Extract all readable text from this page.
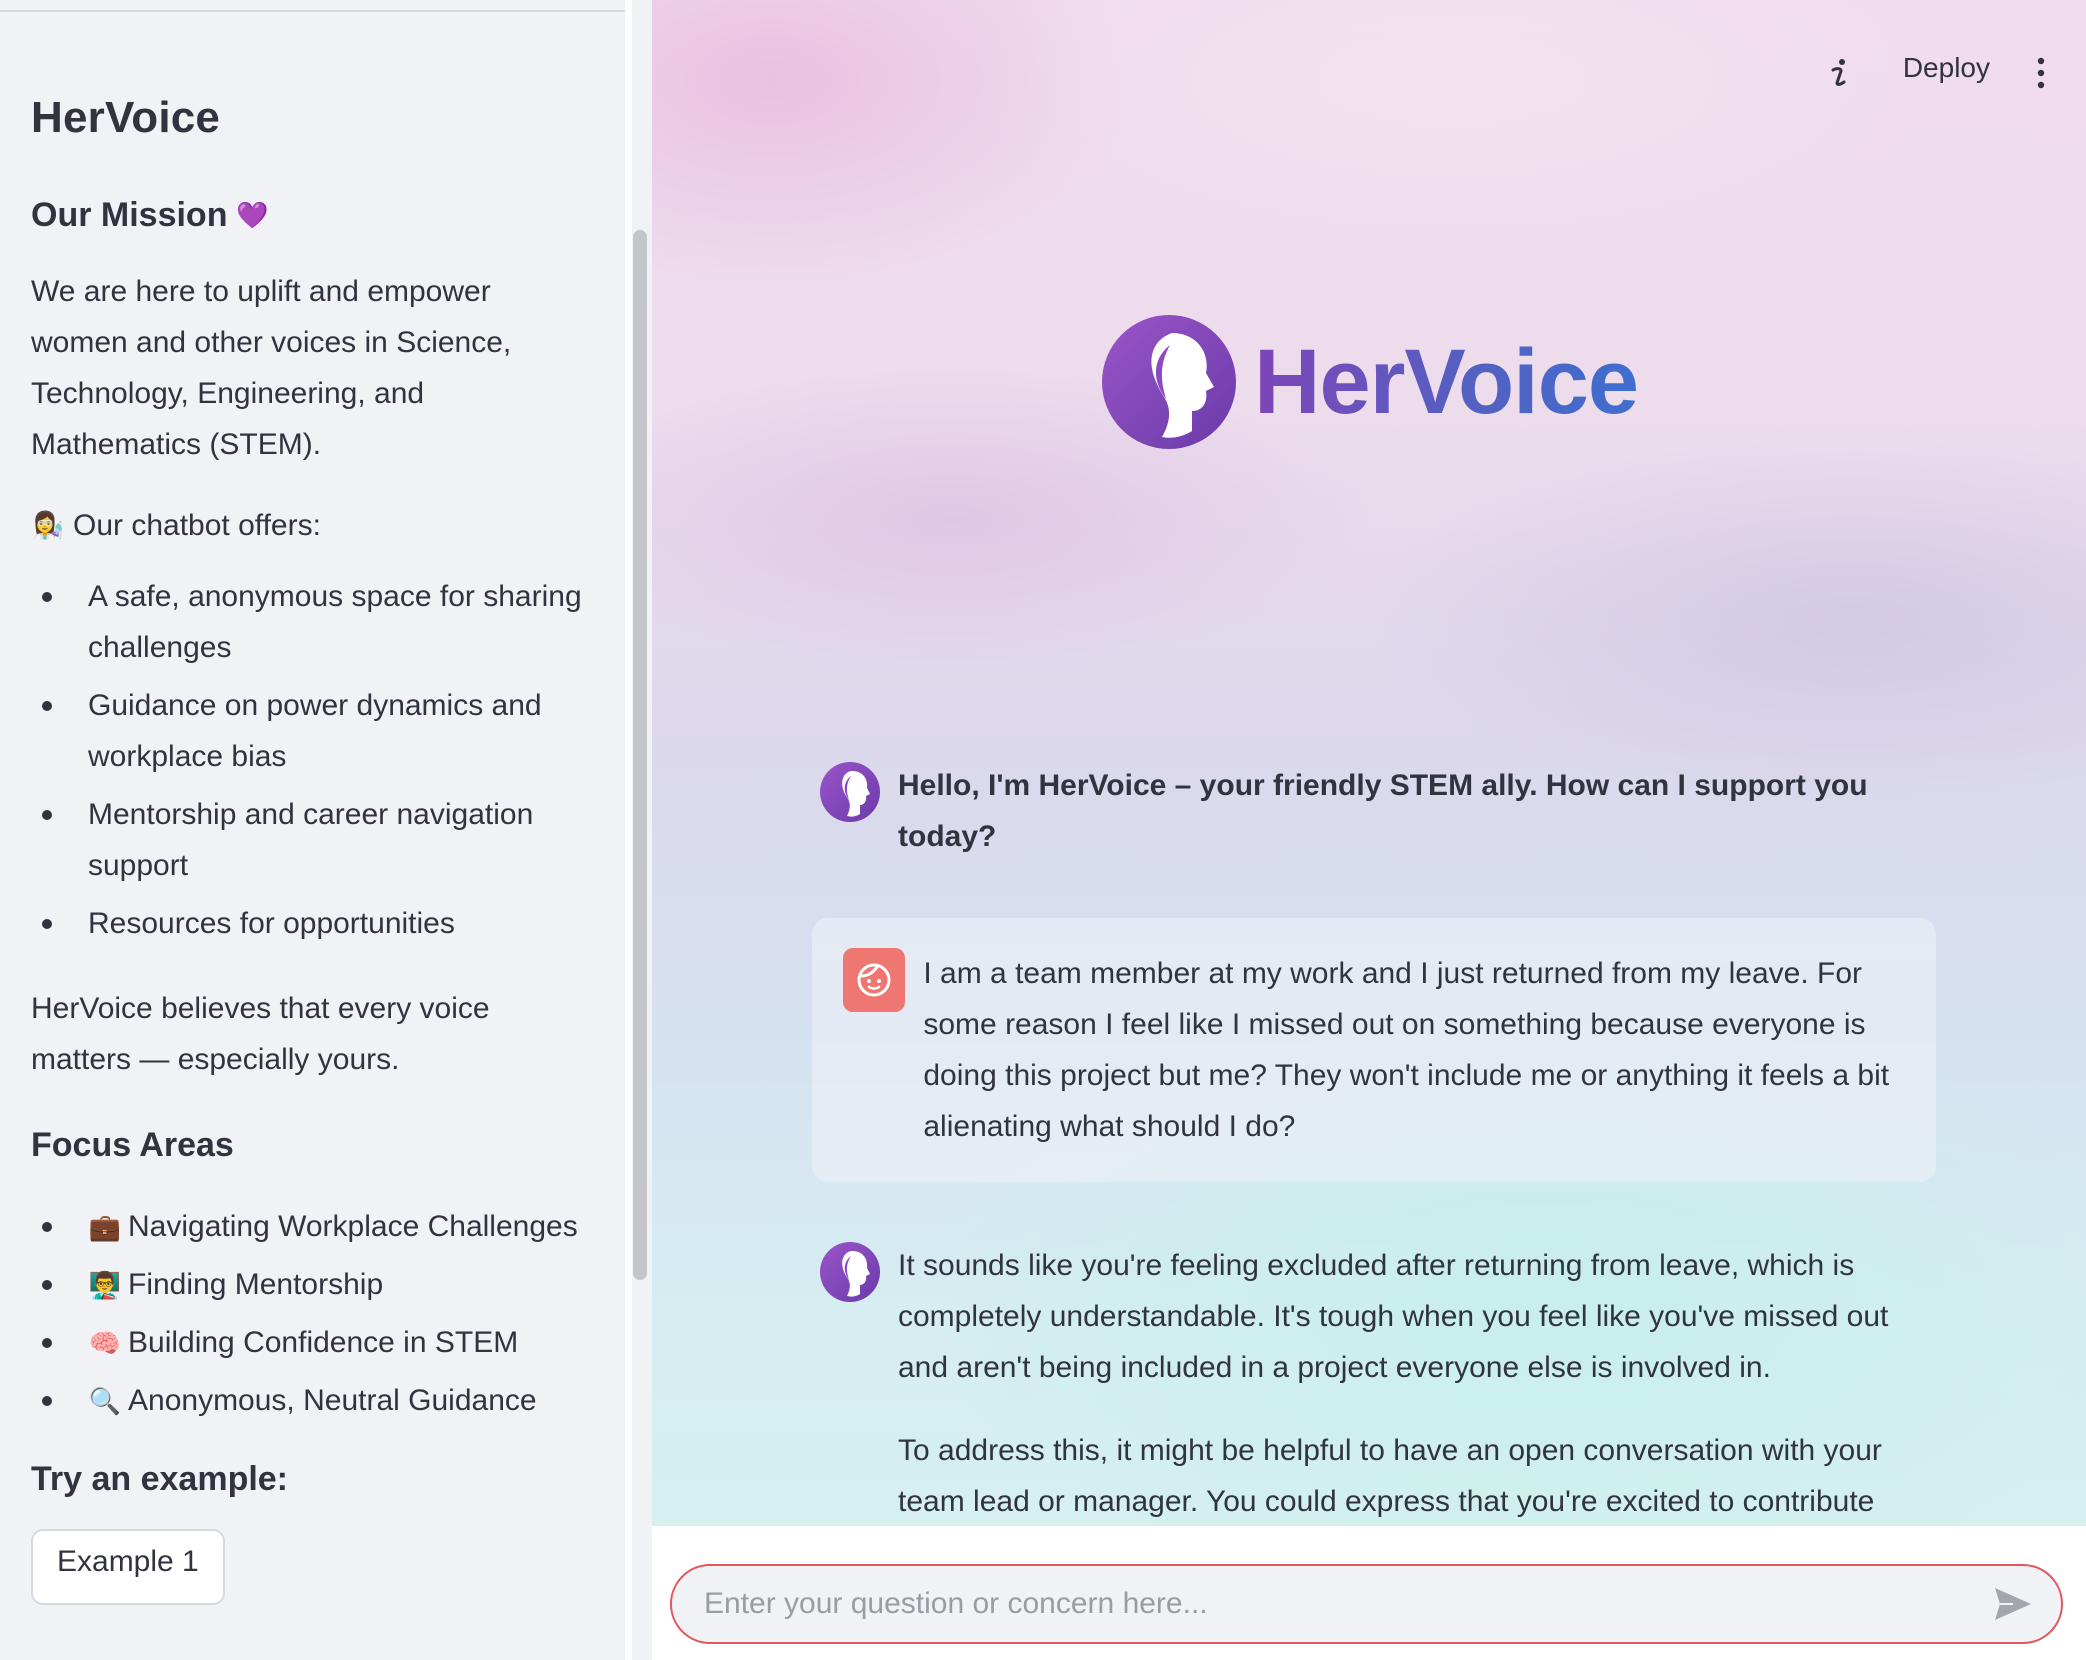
HerVoice
Our Mission 💜

We are here to uplift and empower women and other voices in Science, Technology, Engineering, and Mathematics (STEM).

👩‍🔬 Our chatbot offers:

A safe, anonymous space for sharing challenges
Guidance on power dynamics and workplace bias
Mentorship and career navigation support
Resources for opportunities

HerVoice believes that every voice matters — especially yours.

Focus Areas
💼 Navigating Workplace Challenges
👨‍🏫 Finding Mentorship
🧠 Building Confidence in STEM
🔍 Anonymous, Neutral Guidance
Try an example:
Example 1
Deploy
HerVoice
Hello, I'm HerVoice – your friendly STEM ally. How can I support you today?
I am a team member at my work and I just returned from my leave. For some reason I feel like I missed out on something because everyone is doing this project but me? They won't include me or anything it feels a bit alienating what should I do?

It sounds like you're feeling excluded after returning from leave, which is completely understandable. It's tough when you feel like you've missed out and aren't being included in a project everyone else is involved in.

To address this, it might be helpful to have an open conversation with your team lead or manager. You could express that you're excited to contribute

Enter your question or concern here...
